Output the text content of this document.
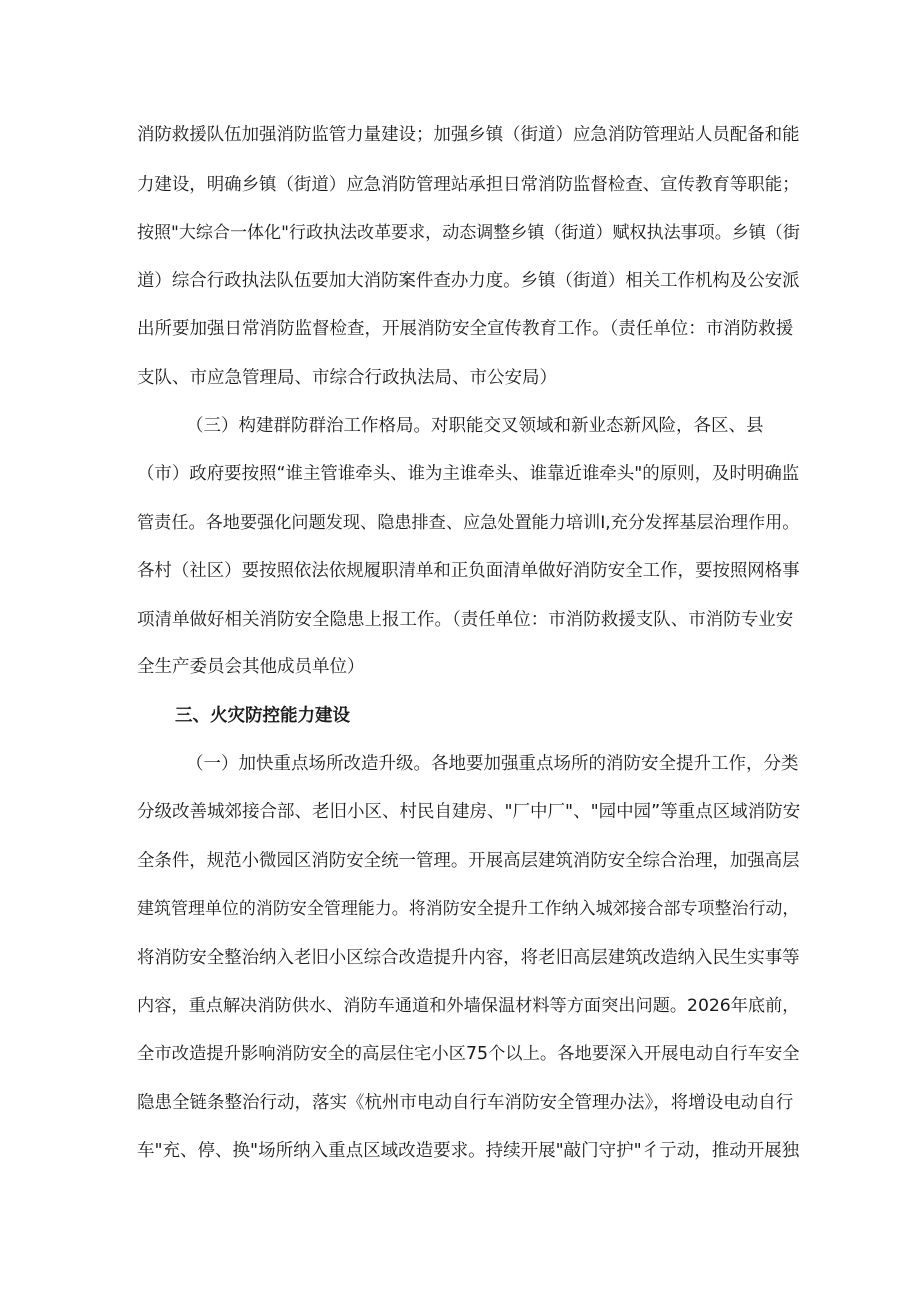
消防救援队伍加强消防监管力量建设；加强乡镇（街道）应急消防管理站人员配备和能
力建设，明确乡镇（街道）应急消防管理站承担日常消防监督检查、宣传教育等职能；
按照"大综合一体化"行政执法改革要求，动态调整乡镇（街道）赋权执法事项。乡镇（街
道）综合行政执法队伍要加大消防案件查办力度。乡镇（街道）相关工作机构及公安派
出所要加强日常消防监督检查，开展消防安全宣传教育工作。（责任单位：市消防救援
支队、市应急管理局、市综合行政执法局、市公安局）
（三）构建群防群治工作格局。对职能交叉领域和新业态新风险，各区、县
（市）政府要按照“谁主管谁牵头、谁为主谁牵头、谁靠近谁牵头"的原则，及时明确监
管责任。各地要强化问题发现、隐患排查、应急处置能力培训I,充分发挥基层治理作用。
各村（社区）要按照依法依规履职清单和正负面清单做好消防安全工作，要按照网格事
项清单做好相关消防安全隐患上报工作。（责任单位：市消防救援支队、市消防专业安
全生产委员会其他成员单位）
三、火灾防控能力建设
（一）加快重点场所改造升级。各地要加强重点场所的消防安全提升工作，分类
分级改善城郊接合部、老旧小区、村民自建房、"厂中厂"、"园中园”等重点区域消防安
全条件，规范小微园区消防安全统一管理。开展高层建筑消防安全综合治理，加强高层
建筑管理单位的消防安全管理能力。将消防安全提升工作纳入城郊接合部专项整治行动，
将消防安全整治纳入老旧小区综合改造提升内容，将老旧高层建筑改造纳入民生实事等
内容，重点解决消防供水、消防车通道和外墙保温材料等方面突出问题。2026年底前，
全市改造提升影响消防安全的高层住宅小区75个以上。各地要深入开展电动自行车安全
隐患全链条整治行动，落实《杭州市电动自行车消防安全管理办法》，将增设电动自行
车"充、停、换"场所纳入重点区域改造要求。持续开展"敲门守护"彳亍动，推动开展独
